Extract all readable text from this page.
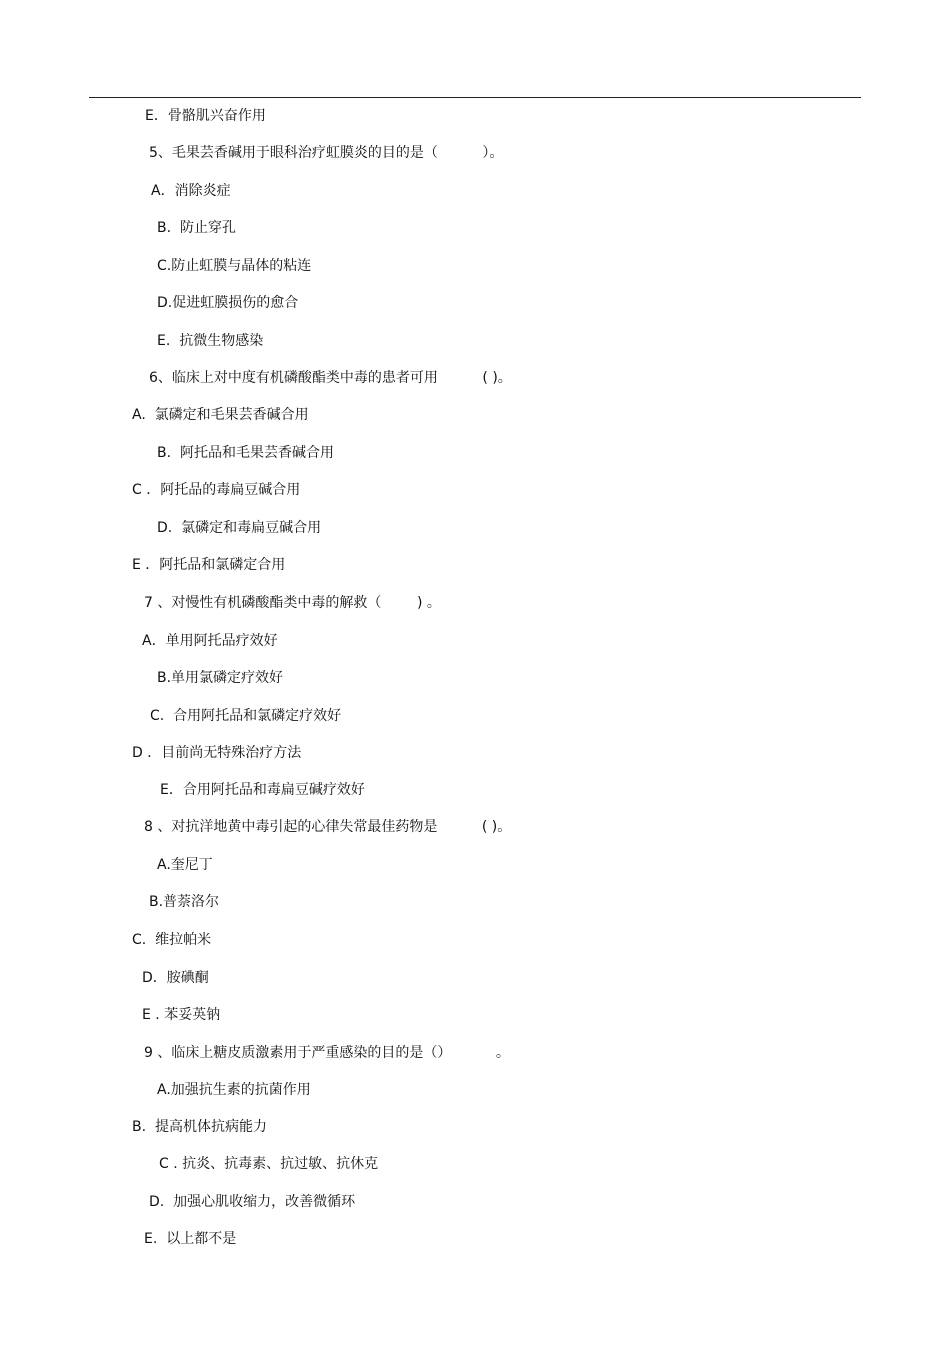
E．骨骼肌兴奋作用
5、毛果芸香碱用于眼科治疗虹膜炎的目的是（          ）。
A．消除炎症
B.  防止穿孔
C.防止虹膜与晶体的粘连
D.促进虹膜损伤的愈合
E.  抗微生物感染
6、临床上对中度有机磷酸酯类中毒的患者可用          ( )。
A.  氯磷定和毛果芸香碱合用
B.  阿托品和毛果芸香碱合用
C ．阿托品的毒扁豆碱合用
D.  氯磷定和毒扁豆碱合用
E ．阿托品和氯磷定合用
7 、对慢性有机磷酸酯类中毒的解救（        ) 。
A．单用阿托品疗效好
B.单用氯磷定疗效好
C.  合用阿托品和氯磷定疗效好
D ．目前尚无特殊治疗方法
E．合用阿托品和毒扁豆碱疗效好
8 、对抗洋地黄中毒引起的心律失常最佳药物是          ( )。
A.奎尼丁
B.普萘洛尔
C.  维拉帕米
D．胺碘酮
E . 苯妥英钠
9 、临床上糖皮质激素用于严重感染的目的是（）          。
A.加强抗生素的抗菌作用
B.  提高机体抗病能力
C . 抗炎、抗毒素、抗过敏、抗休克
D.  加强心肌收缩力，改善微循环
E.  以上都不是
